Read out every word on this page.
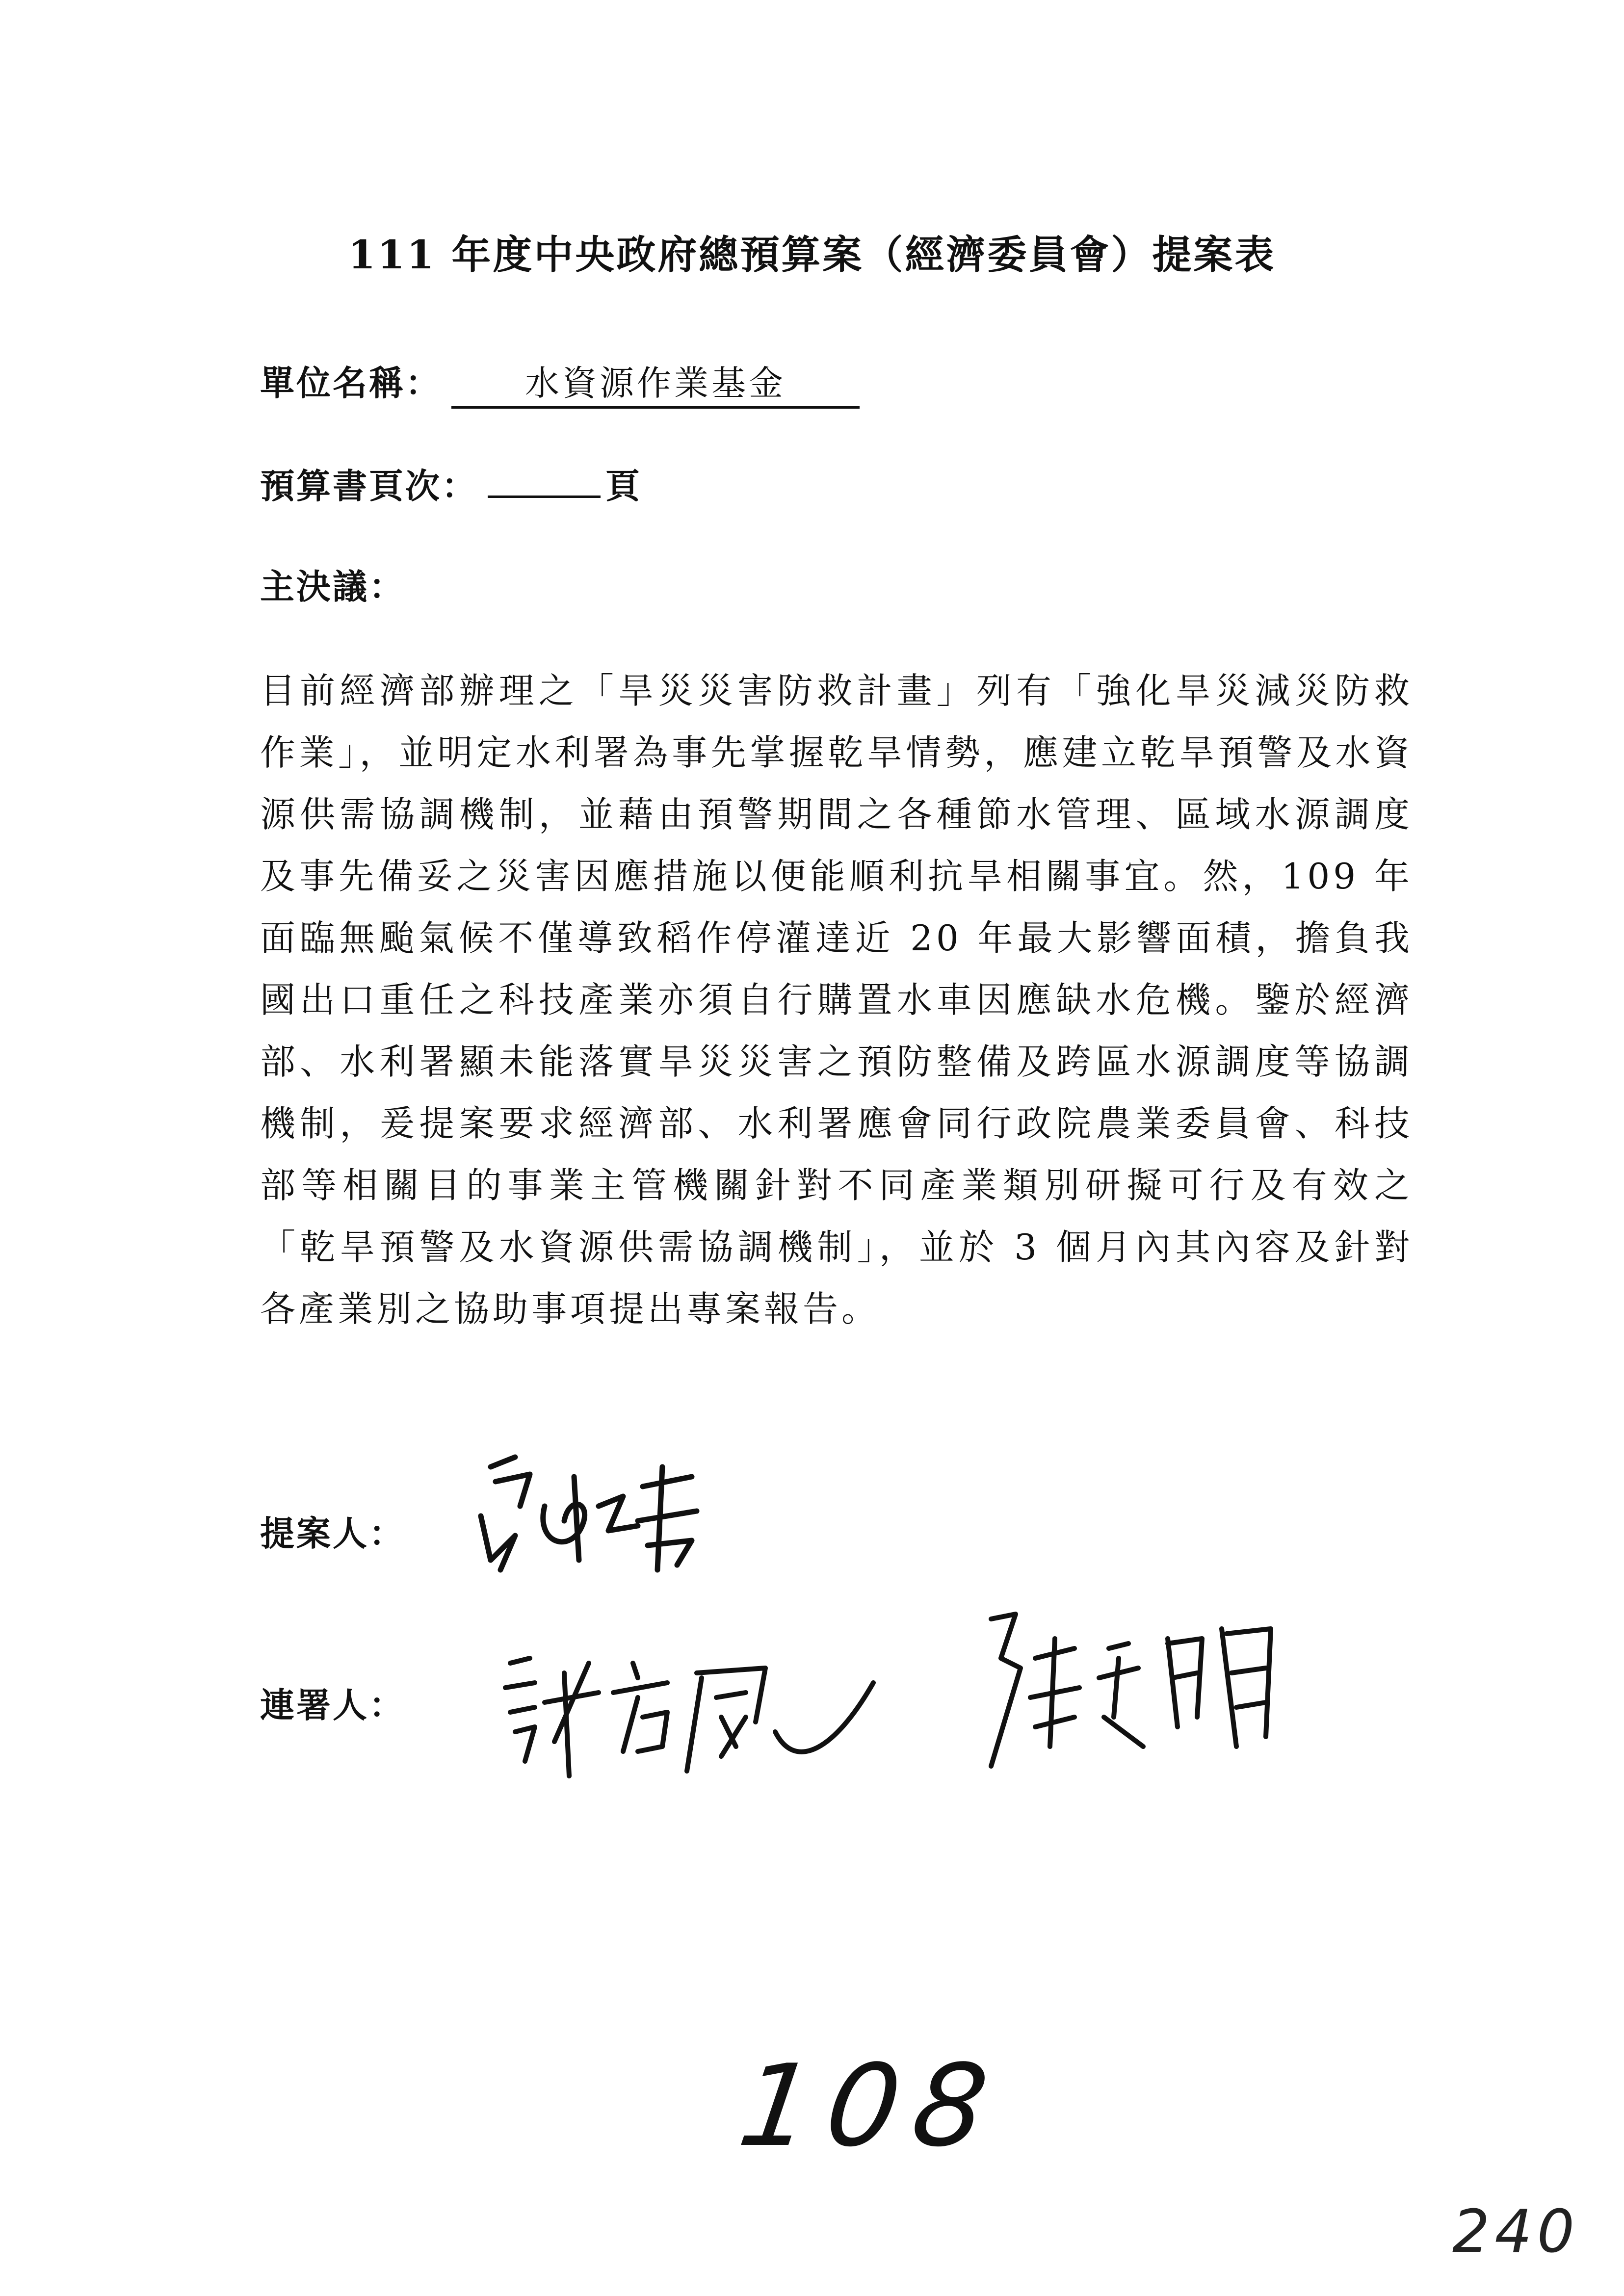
111 年度中央政府總預算案（經濟委員會）提案表
單位名稱：	水資源作業基金
預算書頁次：	頁
主決議：
目前經濟部辦理之「旱災災害防救計畫」列有「強化旱災減災防救作業」，並明定水利署為事先掌握乾旱情勢，應建立乾旱預警及水資源供需協調機制，並藉由預警期間之各種節水管理、區域水源調度及事先備妥之災害因應措施以便能順利抗旱相關事宜。然，109 年面臨無颱氣候不僅導致稻作停灌達近 20 年最大影響面積，擔負我國出口重任之科技產業亦須自行購置水車因應缺水危機。鑒於經濟部、水利署顯未能落實旱災災害之預防整備及跨區水源調度等協調機制，爰提案要求經濟部、水利署應會同行政院農業委員會、科技部等相關目的事業主管機關針對不同產業類別研擬可行及有效之「乾旱預警及水資源供需協調機制」，並於 3 個月內其內容及針對各產業別之協助事項提出專案報告。
提案人：
連署人：
108
240
